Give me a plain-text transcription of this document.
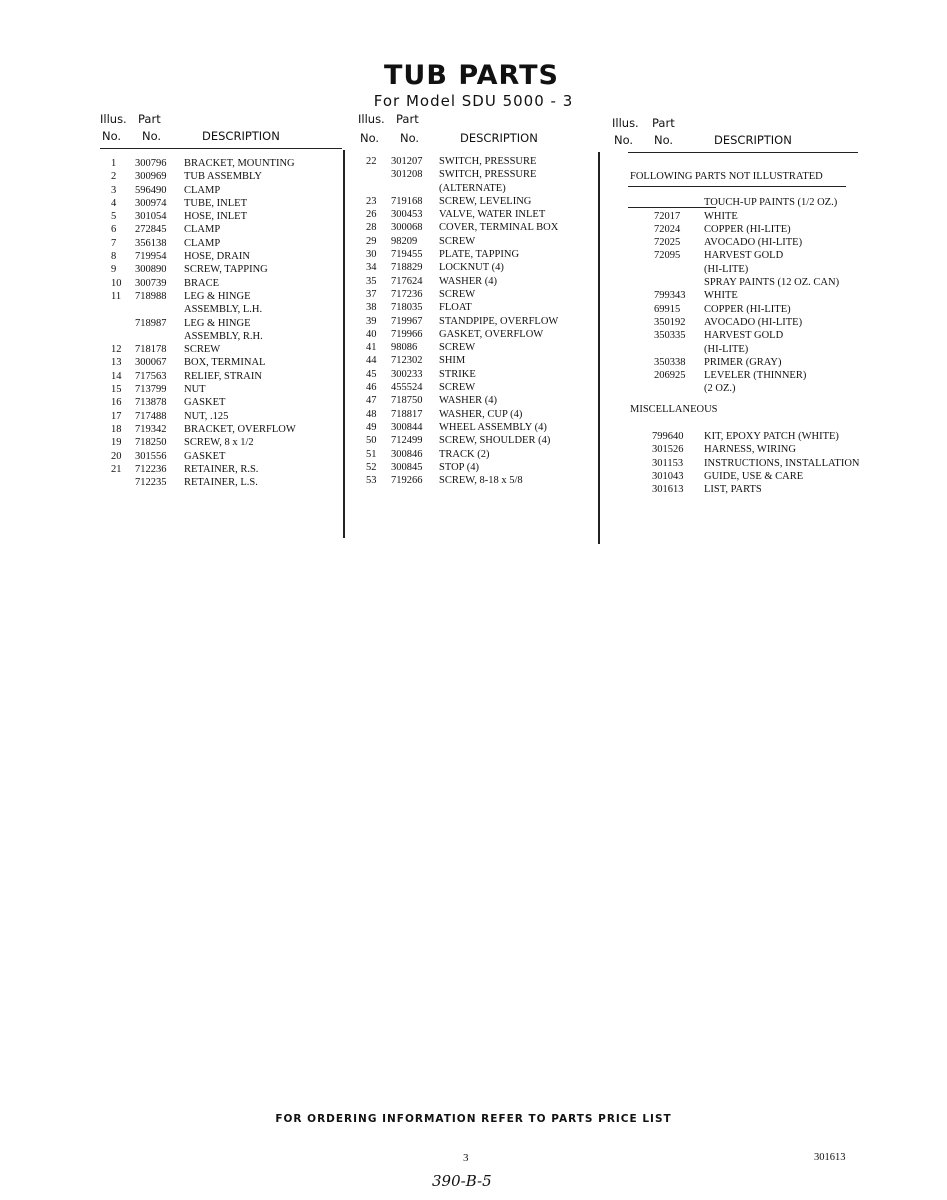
TUB PARTS
For Model SDU 5000 - 3
Illus. Part
No. No.	DESCRIPTION
1 300796 BRACKET, MOUNTING
2 300969 TUB ASSEMBLY
3 596490 CLAMP
4 300974 TUBE, INLET
5 301054 HOSE, INLET
6 272845 CLAMP
7 356138 CLAMP
8 719954 HOSE, DRAIN
9 300890 SCREW, TAPPING
10 300739 BRACE
11 718988 LEG & HINGE
ASSEMBLY, L.H.
718987 LEG & HINGE
ASSEMBLY, R.H.
12 718178 SCREW
13 300067 BOX, TERMINAL
14 717563 RELIEF, STRAIN
15 713799 NUT
16 713878 GASKET
17 717488 NUT, .125
18 719342 BRACKET, OVERFLOW
19 718250 SCREW, 8 x 1/2
20 301556 GASKET
21 712236 RETAINER, R.S.
712235 RETAINER, L.S.
Illus. Part
No. No.	DESCRIPTION
22 301207 SWITCH, PRESSURE
301208 SWITCH, PRESSURE
(ALTERNATE)
23 719168 SCREW, LEVELING
26 300453 VALVE, WATER INLET
28 300068 COVER, TERMINAL BOX
29 98209 SCREW
30 719455 PLATE, TAPPING
34 718829 LOCKNUT (4)
35 717624 WASHER (4)
37 717236 SCREW
38 718035 FLOAT
39 719967 STANDPIPE, OVERFLOW
40 719966 GASKET, OVERFLOW
41 98086 SCREW
44 712302 SHIM
45 300233 STRIKE
46 455524 SCREW
47 718750 WASHER (4)
48 718817 WASHER, CUP (4)
49 300844 WHEEL ASSEMBLY (4)
50 712499 SCREW, SHOULDER (4)
51 300846 TRACK (2)
52 300845 STOP (4)
53 719266 SCREW, 8-18 x 5/8
Illus. Part
No. No.	DESCRIPTION
FOLLOWING PARTS NOT ILLUSTRATED
TOUCH-UP PAINTS (1/2 OZ.)
72017 WHITE
72024 COPPER (HI-LITE)
72025 AVOCADO (HI-LITE)
72095 HARVEST GOLD
(HI-LITE)
SPRAY PAINTS (12 OZ. CAN)
799343 WHITE
69915 COPPER (HI-LITE)
350192 AVOCADO (HI-LITE)
350335 HARVEST GOLD
(HI-LITE)
350338 PRIMER (GRAY)
206925 LEVELER (THINNER)
(2 OZ.)
MISCELLANEOUS
799640 KIT, EPOXY PATCH (WHITE)
301526 HARNESS, WIRING
301153 INSTRUCTIONS, INSTALLATION
301043 GUIDE, USE & CARE
301613 LIST, PARTS
FOR ORDERING INFORMATION REFER TO PARTS PRICE LIST
3	301613
390-B-5
